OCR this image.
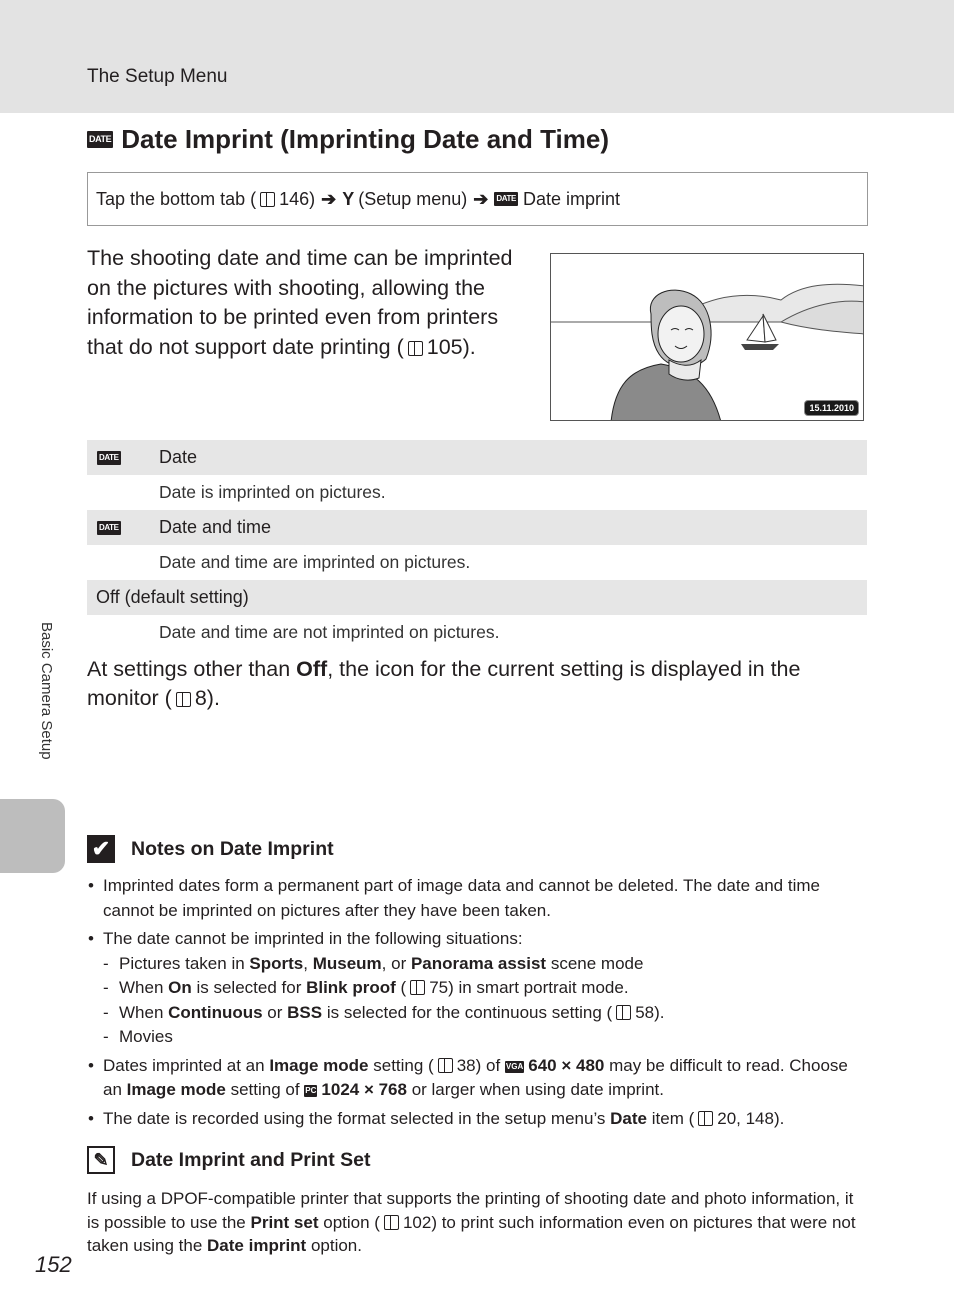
The Setup Menu
DATE Date Imprint (Imprinting Date and Time)
Tap the bottom tab ( 146) ➔ Y (Setup menu) ➔ DATE Date imprint
The shooting date and time can be imprinted on the pictures with shooting, allowing the information to be printed even from printers that do not support date printing ( 105).
15.11.2010
DATE Date
Date is imprinted on pictures.
DATE Date and time
Date and time are imprinted on pictures.
Off (default setting)
Date and time are not imprinted on pictures.
At settings other than Off, the icon for the current setting is displayed in the monitor ( 8).
Basic Camera Setup
✔ Notes on Date Imprint
• Imprinted dates form a permanent part of image data and cannot be deleted. The date and time cannot be imprinted on pictures after they have been taken.
• The date cannot be imprinted in the following situations:
- Pictures taken in Sports, Museum, or Panorama assist scene mode
- When On is selected for Blink proof ( 75) in smart portrait mode.
- When Continuous or BSS is selected for the continuous setting ( 58).
- Movies
• Dates imprinted at an Image mode setting ( 38) of VGA 640 × 480 may be difficult to read. Choose an Image mode setting of PC 1024 × 768 or larger when using date imprint.
• The date is recorded using the format selected in the setup menu’s Date item ( 20, 148).
✎	Date Imprint and Print Set
If using a DPOF-compatible printer that supports the printing of shooting date and photo information, it is possible to use the Print set option ( 102) to print such information even on pictures that were not taken using the Date imprint option.
152
